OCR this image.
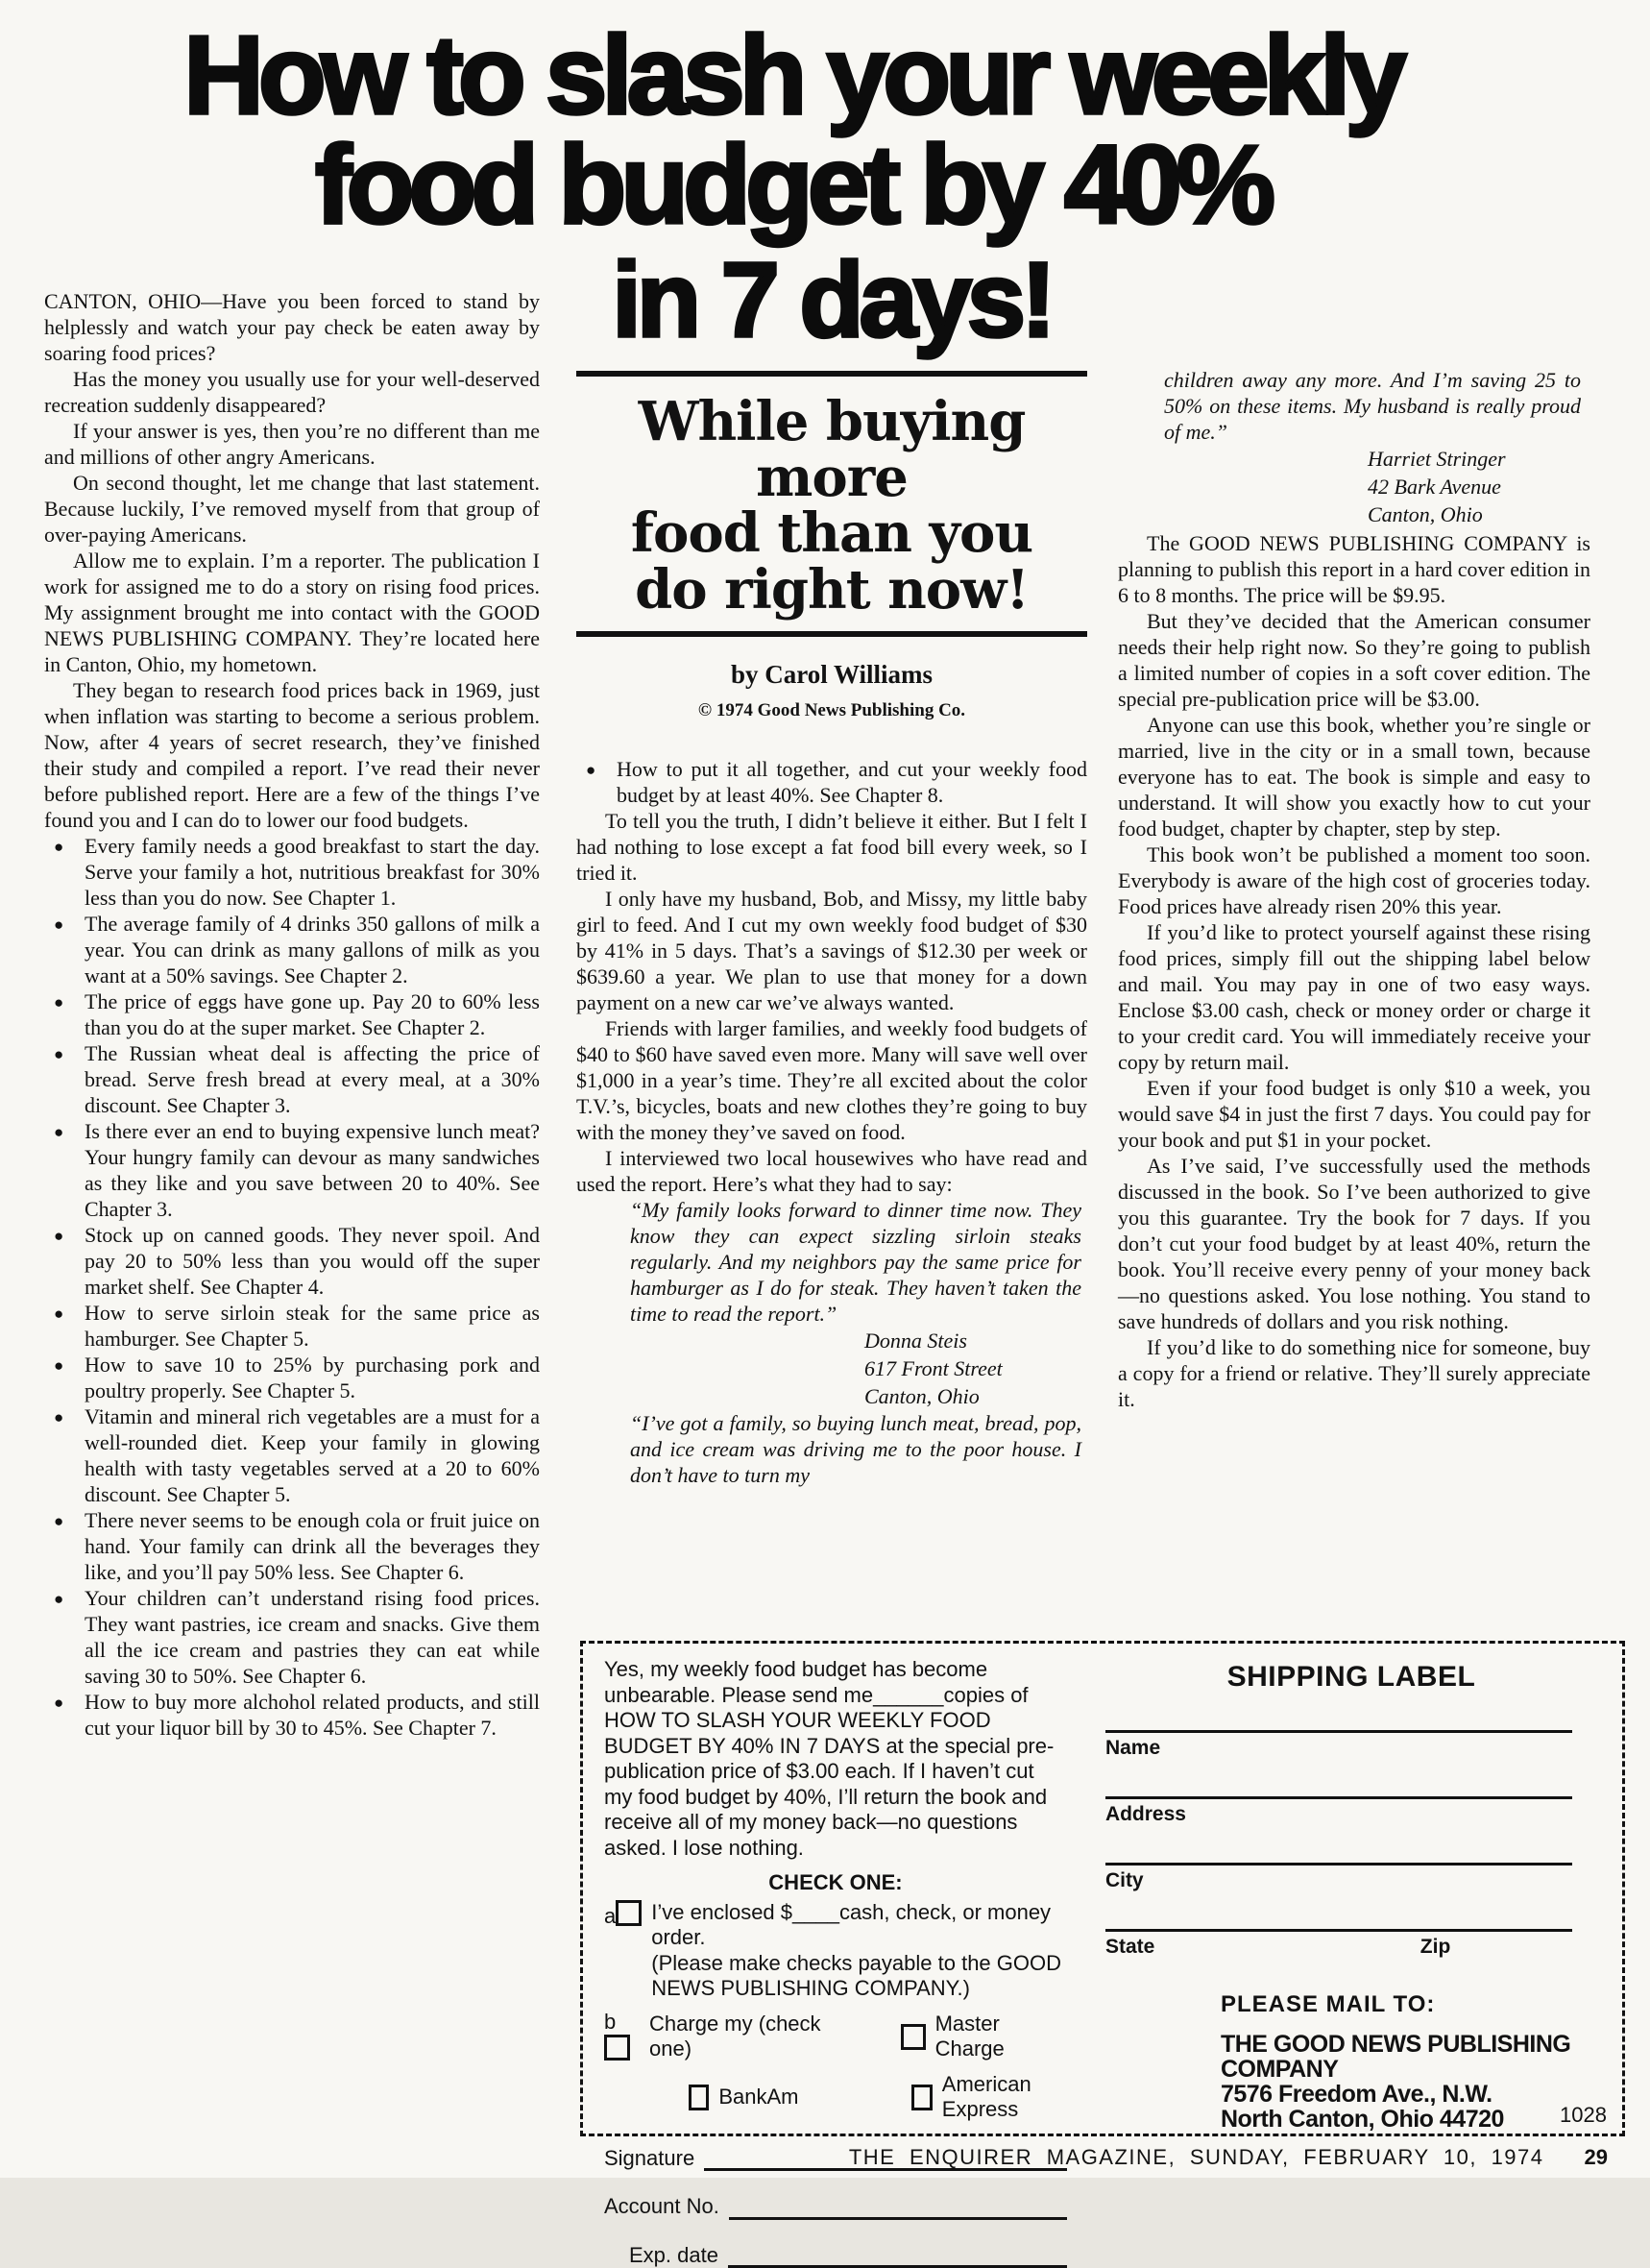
How to slash your weekly
food budget by 40%

CANTON, OHIO—Have you been forced to stand by helplessly and watch your pay check be eaten away by soaring food prices?

Has the money you usually use for your well-deserved recreation suddenly disappeared?

If your answer is yes, then you’re no different than me and millions of other angry Americans.

On second thought, let me change that last statement. Because luckily, I’ve removed myself from that group of over-paying Americans.

Allow me to explain. I’m a reporter. The publication I work for assigned me to do a story on rising food prices. My assignment brought me into contact with the GOOD NEWS PUBLISHING COMPANY. They’re located here in Canton, Ohio, my hometown.

They began to research food prices back in 1969, just when inflation was starting to become a serious problem. Now, after 4 years of secret research, they’ve finished their study and compiled a report. I’ve read their never before published report. Here are a few of the things I’ve found you and I can do to lower our food budgets.

● Every family needs a good breakfast to start the day. Serve your family a hot, nutritious breakfast for 30% less than you do now. See Chapter 1.
● The average family of 4 drinks 350 gallons of milk a year. You can drink as many gallons of milk as you want at a 50% savings. See Chapter 2.
● The price of eggs have gone up. Pay 20 to 60% less than you do at the super market. See Chapter 2.
● The Russian wheat deal is affecting the price of bread. Serve fresh bread at every meal, at a 30% discount. See Chapter 3.
● Is there ever an end to buying expensive lunch meat? Your hungry family can devour as many sandwiches as they like and you save between 20 to 40%. See Chapter 3.
● Stock up on canned goods. They never spoil. And pay 20 to 50% less than you would off the super market shelf. See Chapter 4.
● How to serve sirloin steak for the same price as hamburger. See Chapter 5.
● How to save 10 to 25% by purchasing pork and poultry properly. See Chapter 5.
● Vitamin and mineral rich vegetables are a must for a well-rounded diet. Keep your family in glowing health with tasty vegetables served at a 20 to 60% discount. See Chapter 5.
● There never seems to be enough cola or fruit juice on hand. Your family can drink all the beverages they like, and you’ll pay 50% less. See Chapter 6.
● Your children can’t understand rising food prices. They want pastries, ice cream and snacks. Give them all the ice cream and pastries they can eat while saving 30 to 50%. See Chapter 6.
● How to buy more alchohol related products, and still cut your liquor bill by 30 to 45%. See Chapter 7.
in 7 days!
While buying more
food than you
do right now!

by Carol Williams

© 1974 Good News Publishing Co.

● How to put it all together, and cut your weekly food budget by at least 40%. See Chapter 8.

To tell you the truth, I didn’t believe it either. But I felt I had nothing to lose except a fat food bill every week, so I tried it.

I only have my husband, Bob, and Missy, my little baby girl to feed. And I cut my own weekly food budget of $30 by 41% in 5 days. That’s a savings of $12.30 per week or $639.60 a year. We plan to use that money for a down payment on a new car we’ve always wanted.

Friends with larger families, and weekly food budgets of $40 to $60 have saved even more. Many will save well over $1,000 in a year’s time. They’re all excited about the color T.V.’s, bicycles, boats and new clothes they’re going to buy with the money they’ve saved on food.

I interviewed two local housewives who have read and used the report. Here’s what they had to say:

“My family looks forward to dinner time now. They know they can expect sizzling sirloin steaks regularly. And my neighbors pay the same price for hamburger as I do for steak. They haven’t taken the time to read the report.”

Donna Steis
617 Front Street
Canton, Ohio

“I’ve got a family, so buying lunch meat, bread, pop, and ice cream was driving me to the poor house. I don’t have to turn my

children away any more. And I’m saving 25 to 50% on these items. My husband is really proud of me.”

Harriet Stringer
42 Bark Avenue
Canton, Ohio

The GOOD NEWS PUBLISHING COMPANY is planning to publish this report in a hard cover edition in 6 to 8 months. The price will be $9.95.

But they’ve decided that the American consumer needs their help right now. So they’re going to publish a limited number of copies in a soft cover edition. The special pre-publication price will be $3.00.

Anyone can use this book, whether you’re single or married, live in the city or in a small town, because everyone has to eat. The book is simple and easy to understand. It will show you exactly how to cut your food budget, chapter by chapter, step by step.

This book won’t be published a moment too soon. Everybody is aware of the high cost of groceries today. Food prices have already risen 20% this year.

If you’d like to protect yourself against these rising food prices, simply fill out the shipping label below and mail. You may pay in one of two easy ways. Enclose $3.00 cash, check or money order or charge it to your credit card. You will immediately receive your copy by return mail.

Even if your food budget is only $10 a week, you would save $4 in just the first 7 days. You could pay for your book and put $1 in your pocket.

As I’ve said, I’ve successfully used the methods discussed in the book. So I’ve been authorized to give you this guarantee. Try the book for 7 days. If you don’t cut your food budget by at least 40%, return the book. You’ll receive every penny of your money back—no questions asked. You lose nothing. You stand to save hundreds of dollars and you risk nothing.

If you’d like to do something nice for someone, buy a copy for a friend or relative. They’ll surely appreciate it.

Yes, my weekly food budget has become unbearable. Please send me______copies of HOW TO SLASH YOUR WEEKLY FOOD BUDGET BY 40% IN 7 DAYS at the special pre-publication price of $3.00 each. If I haven’t cut my food budget by 40%, I’ll return the book and receive all of my money back—no questions asked. I lose nothing.
CHECK ONE:
a	I’ve enclosed $____cash, check, or money order.
(Please make checks payable to the GOOD NEWS PUBLISHING COMPANY.)
b	Charge my (check one)
Master Charge
BankAm
American Express
Signature
Account No.
Exp. date
SHIPPING LABEL
Name
Address
City
State	Zip
PLEASE MAIL TO:
THE GOOD NEWS PUBLISHING COMPANY
7576 Freedom Ave., N.W.
North Canton, Ohio 44720	1028
THE ENQUIRER MAGAZINE, SUNDAY, FEBRUARY 10, 1974 29
